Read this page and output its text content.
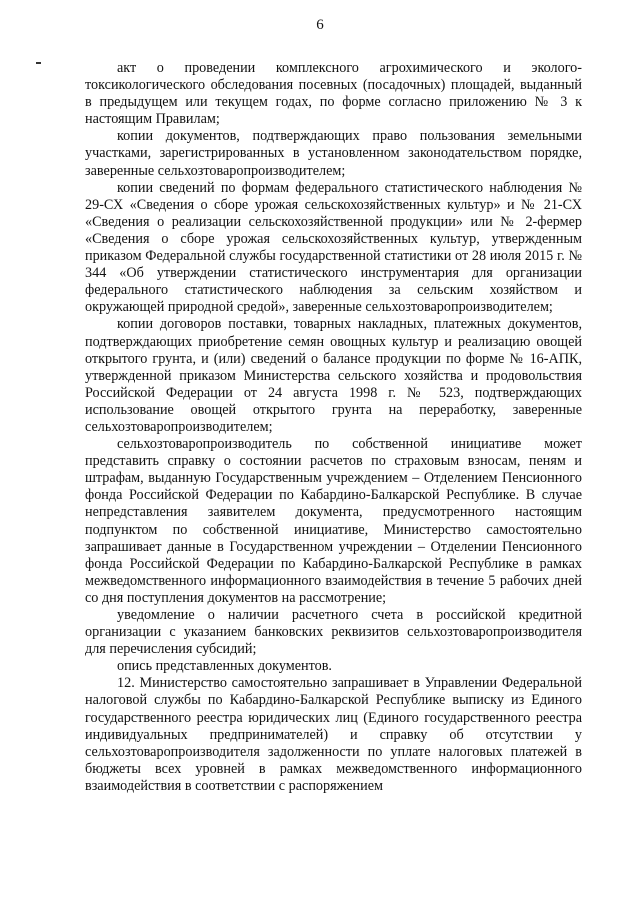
6

акт о проведении комплексного агрохимического и эколого-токсикологического обследования посевных (посадочных) площадей, выданный в предыдущем или текущем годах, по форме согласно приложению № 3 к настоящим Правилам;

копии документов, подтверждающих право пользования земельными участками, зарегистрированных в установленном законодательством порядке, заверенные сельхозтоваропроизводителем;

копии сведений по формам федерального статистического наблюдения № 29-СХ «Сведения о сборе урожая сельскохозяйственных культур» и № 21-СХ «Сведения о реализации сельскохозяйственной продукции» или № 2-фермер «Сведения о сборе урожая сельскохозяйственных культур, утвержденным приказом Федеральной службы государственной статистики от 28 июля 2015 г. № 344 «Об утверждении статистического инструментария для организации федерального статистического наблюдения за сельским хозяйством и окружающей природной средой», заверенные сельхозтоваропроизводителем;

копии договоров поставки, товарных накладных, платежных документов, подтверждающих приобретение семян овощных культур и реализацию овощей открытого грунта, и (или) сведений о балансе продукции по форме № 16-АПК, утвержденной приказом Министерства сельского хозяйства и продовольствия Российской Федерации от 24 августа 1998 г. № 523, подтверждающих использование овощей открытого грунта на переработку, заверенные сельхозтоваропроизводителем;

сельхозтоваропроизводитель по собственной инициативе может представить справку о состоянии расчетов по страховым взносам, пеням и штрафам, выданную Государственным учреждением – Отделением Пенсионного фонда Российской Федерации по Кабардино-Балкарской Республике. В случае непредставления заявителем документа, предусмотренного настоящим подпунктом по собственной инициативе, Министерство самостоятельно запрашивает данные в Государственном учреждении – Отделении Пенсионного фонда Российской Федерации по Кабардино-Балкарской Республике в рамках межведомственного информационного взаимодействия в течение 5 рабочих дней со дня поступления документов на рассмотрение;

уведомление о наличии расчетного счета в российской кредитной организации с указанием банковских реквизитов сельхозтоваропроизводителя для перечисления субсидий;

опись представленных документов.

12. Министерство самостоятельно запрашивает в Управлении Федеральной налоговой службы по Кабардино-Балкарской Республике выписку из Единого государственного реестра юридических лиц (Единого государственного реестра индивидуальных предпринимателей) и справку об отсутствии у сельхозтоваропроизводителя задолженности по уплате налоговых платежей в бюджеты всех уровней в рамках межведомственного информационного взаимодействия в соответствии с распоряжением
